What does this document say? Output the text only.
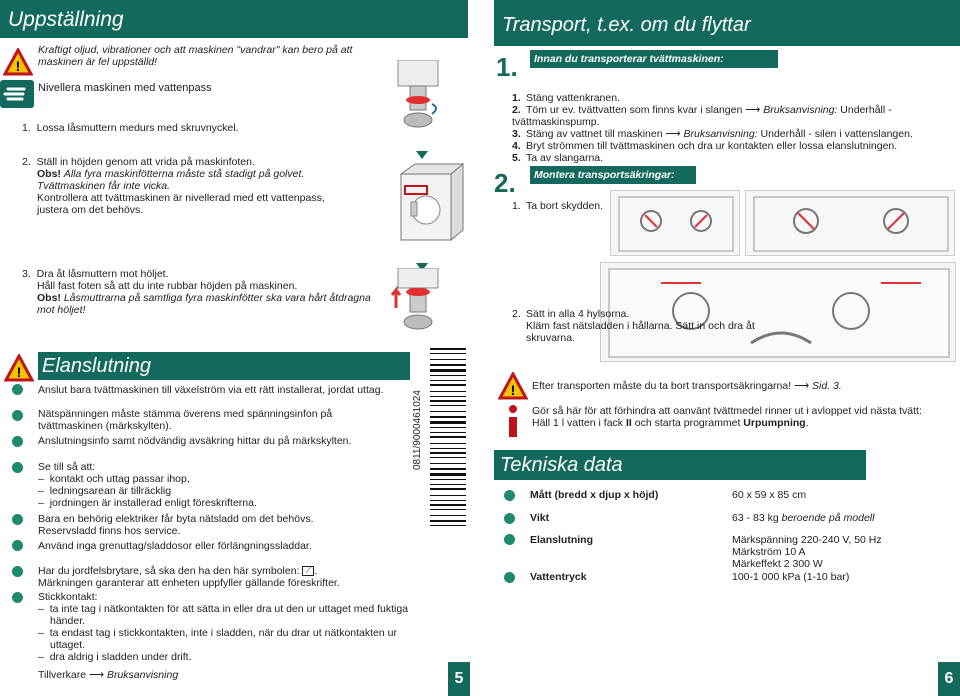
Uppställning
!
Kraftigt oljud, vibrationer och att maskinen "vandrar" kan bero på att maskinen är fel uppställd!
Nivellera maskinen med vattenpass
1. Lossa låsmuttern medurs med skruvnyckel.
2. Ställ in höjden genom att vrida på maskinfoten.
Obs! Alla fyra maskinfötterna måste stå stadigt på golvet.
Tvättmaskinen får inte vicka.

Kontrollera att tvättmaskinen är nivellerad med ett vattenpass, justera om det behövs.
3. Dra åt låsmuttern mot höljet.

Håll fast foten så att du inte rubbar höjden på maskinen.
Obs! Låsmuttrarna på samtliga fyra maskinfötter ska vara hårt åtdragna mot höljet!
! Elanslutning
Anslut bara tvättmaskinen till växelström via ett rätt installerat, jordat uttag.
Nätspänningen måste stämma överens med spänningsinfon på tvättmaskinen (märkskylten).
Anslutningsinfo samt nödvändig avsäkring hittar du på märkskylten.
Se till så att:
–  kontakt och uttag passar ihop,
–  ledningsarean är tillräcklig
–  jordningen är installerad enligt föreskrifterna.
Bara en behörig elektriker får byta nätsladd om det behövs. Reservsladd finns hos service.
Använd inga grenuttag/sladdosor eller förlängningssladdar.
Har du jordfelsbrytare, så ska den ha den här symbolen: ⟋ .
Märkningen garanterar att enheten uppfyller gällande föreskrifter.
Stickkontakt:

–  ta inte tag i nätkontakten för att sätta in eller dra ut den ur uttaget med fuktiga händer.
–  ta endast tag i stickkontakten, inte i sladden, när du drar ut nätkontakten ur uttaget.
–  dra aldrig i sladden under drift.
Tillverkare ⟶ Bruksanvisning
0811/9000461024
5
Transport, t.ex. om du flyttar
1.	Innan du transporterar tvättmaskinen:
1. Stäng vattenkranen.
2. Töm ur ev. tvättvatten som finns kvar i slangen ⟶ Bruksanvisning: Underhåll - tvättmaskinspump.
3. Stäng av vattnet till maskinen ⟶ Bruksanvisning: Underhåll - silen i vattenslangen.
4. Bryt strömmen till tvättmaskinen och dra ur kontakten eller lossa elanslutningen.
5. Ta av slangarna.
2.	Montera transportsäkringar:
1. Ta bort skydden.
2. Sätt in alla 4 hylsorna.

Kläm fast nätsladden i hållarna. Sätt in och dra åt skruvarna.
! Efter transporten måste du ta bort transportsäkringarna! ⟶ Sid. 3.
Gör så här för att förhindra att oanvänt tvättmedel rinner ut i avloppet vid nästa tvätt:
Häll 1 l vatten i fack II och starta programmet Urpumpning.
Tekniska data
Mått (bredd x djup x höjd)	60 x 59 x 85 cm
Vikt	63 - 83 kg beroende på modell
Elanslutning	Märkspänning 220-240 V, 50 Hz
Märkström 10 A
Märkeffekt 2 300 W
Vattentryck	100-1 000 kPa (1-10 bar)
6
